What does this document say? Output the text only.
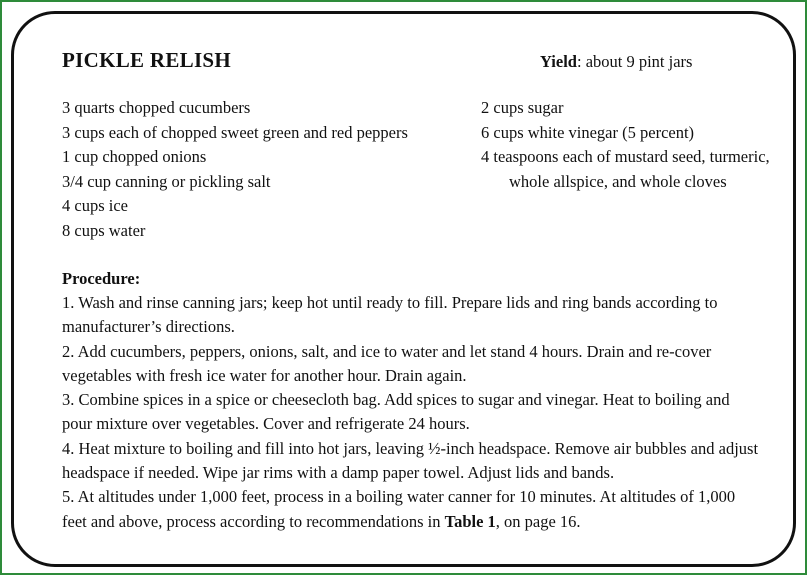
PICKLE RELISH	Yield: about 9 pint jars
3 quarts chopped cucumbers
3 cups each of chopped sweet green and red peppers
1 cup chopped onions
3/4 cup canning or pickling salt
4 cups ice
8 cups water
2 cups sugar
6 cups white vinegar (5 percent)
4 teaspoons each of mustard seed, turmeric, whole allspice, and whole cloves
Procedure:
1. Wash and rinse canning jars; keep hot until ready to fill. Prepare lids and ring bands according to manufacturer’s directions.
2. Add cucumbers, peppers, onions, salt, and ice to water and let stand 4 hours. Drain and re-cover vegetables with fresh ice water for another hour. Drain again.
3. Combine spices in a spice or cheesecloth bag. Add spices to sugar and vinegar. Heat to boiling and pour mixture over vegetables. Cover and refrigerate 24 hours.
4. Heat mixture to boiling and fill into hot jars, leaving ½-inch headspace. Remove air bubbles and adjust headspace if needed. Wipe jar rims with a damp paper towel. Adjust lids and bands.
5. At altitudes under 1,000 feet, process in a boiling water canner for 10 minutes. At altitudes of 1,000 feet and above, process according to recommendations in Table 1, on page 16.
